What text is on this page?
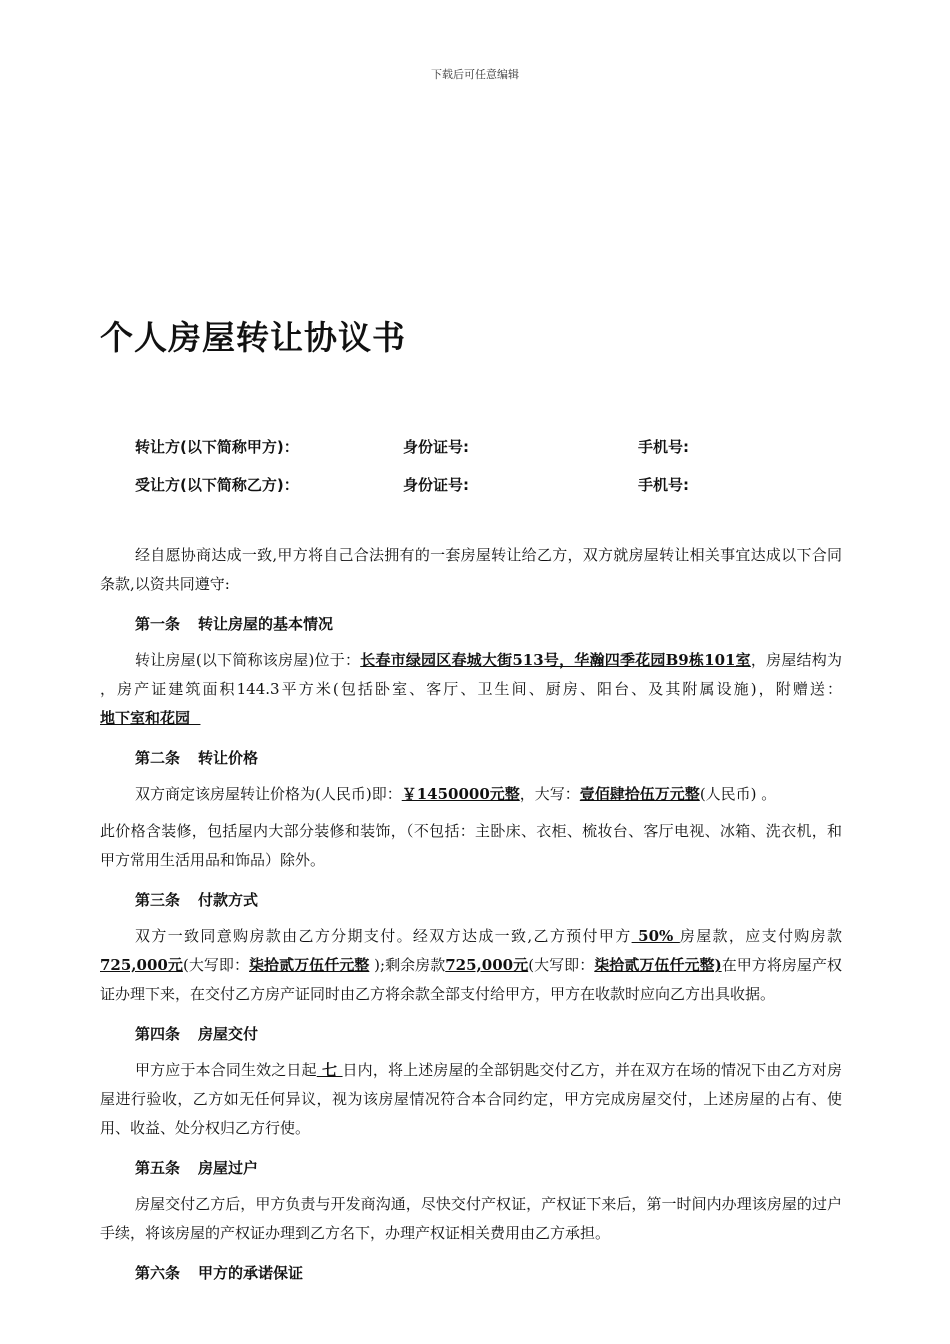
下载后可任意编辑
个人房屋转让协议书
转让方(以下简称甲方)：	身份证号:	手机号:
受让方(以下简称乙方)：	身份证号:	手机号:

经自愿协商达成一致,甲方将自己合法拥有的一套房屋转让给乙方，双方就房屋转让相关事宜达成以下合同条款,以资共同遵守:

第一条 转让房屋的基本情况

转让房屋(以下简称该房屋)位于：长春市绿园区春城大街513号，华瀚四季花园B9栋101室，房屋结构为 ，房产证建筑面积144.3平方米(包括卧室、客厅、卫生间、厨房、阳台、及其附属设施)，附赠送：地下室和花园

第二条 转让价格

双方商定该房屋转让价格为(人民币)即：￥1450000元整，大写：壹佰肆拾伍万元整(人民币) 。

此价格含装修，包括屋内大部分装修和装饰，（不包括：主卧床、衣柜、梳妆台、客厅电视、冰箱、洗衣机，和甲方常用生活用品和饰品）除外。

第三条 付款方式

双方一致同意购房款由乙方分期支付。经双方达成一致,乙方预付甲方 50% 房屋款，应支付购房款 725,000元(大写即：柒拾贰万伍仟元整 );剩余房款725,000元(大写即：柒拾贰万伍仟元整)在甲方将房屋产权证办理下来，在交付乙方房产证同时由乙方将余款全部支付给甲方，甲方在收款时应向乙方出具收据。

第四条 房屋交付

甲方应于本合同生效之日起 七 日内，将上述房屋的全部钥匙交付乙方，并在双方在场的情况下由乙方对房屋进行验收，乙方如无任何异议，视为该房屋情况符合本合同约定，甲方完成房屋交付，上述房屋的占有、使用、收益、处分权归乙方行使。

第五条 房屋过户

房屋交付乙方后，甲方负责与开发商沟通，尽快交付产权证，产权证下来后，第一时间内办理该房屋的过户手续，将该房屋的产权证办理到乙方名下，办理产权证相关费用由乙方承担。

第六条 甲方的承诺保证
